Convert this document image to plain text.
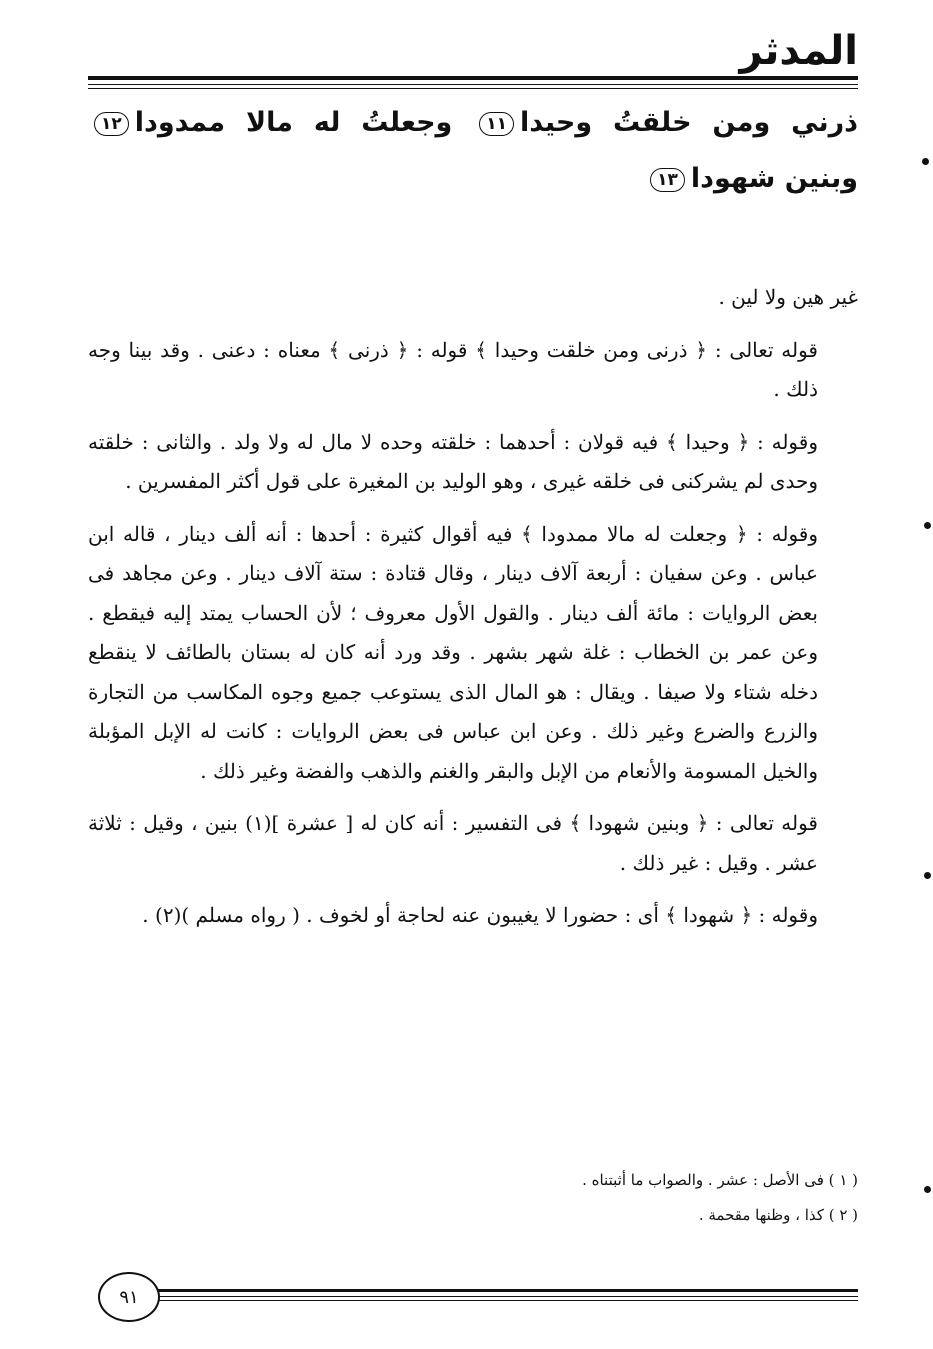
المدثر
ذرني ومن خلقتُ وحيدا١١ وجعلتُ له مالا ممدودا١٢ وبنين شهودا١٣

غير هين ولا لين .

قوله تعالى : ﴿ ذرنى ومن خلقت وحيدا ﴾ قوله : ﴿ ذرنى ﴾ معناه : دعنى . وقد بينا وجه ذلك .

وقوله : ﴿ وحيدا ﴾ فيه قولان : أحدهما : خلقته وحده لا مال له ولا ولد . والثانى : خلقته وحدى لم يشركنى فى خلقه غيرى ، وهو الوليد بن المغيرة على قول أكثر المفسرين .

وقوله : ﴿ وجعلت له مالا ممدودا ﴾ فيه أقوال كثيرة : أحدها : أنه ألف دينار ، قاله ابن عباس . وعن سفيان : أربعة آلاف دينار ، وقال قتادة : ستة آلاف دينار . وعن مجاهد فى بعض الروايات : مائة ألف دينار . والقول الأول معروف ؛ لأن الحساب يمتد إليه فيقطع . وعن عمر بن الخطاب : غلة شهر بشهر . وقد ورد أنه كان له بستان بالطائف لا ينقطع دخله شتاء ولا صيفا . ويقال : هو المال الذى يستوعب جميع وجوه المكاسب من التجارة والزرع والضرع وغير ذلك . وعن ابن عباس فى بعض الروايات : كانت له الإبل المؤبلة والخيل المسومة والأنعام من الإبل والبقر والغنم والذهب والفضة وغير ذلك .

قوله تعالى : ﴿ وبنين شهودا ﴾ فى التفسير : أنه كان له [ عشرة ](١) بنين ، وقيل : ثلاثة عشر . وقيل : غير ذلك .

وقوله : ﴿ شهودا ﴾ أى : حضورا لا يغيبون عنه لحاجة أو لخوف . ( رواه مسلم )(٢) .

( ١ ) فى الأصل : عشر . والصواب ما أثبتناه .
( ٢ ) كذا ، وظنها مقحمة .
٩١
